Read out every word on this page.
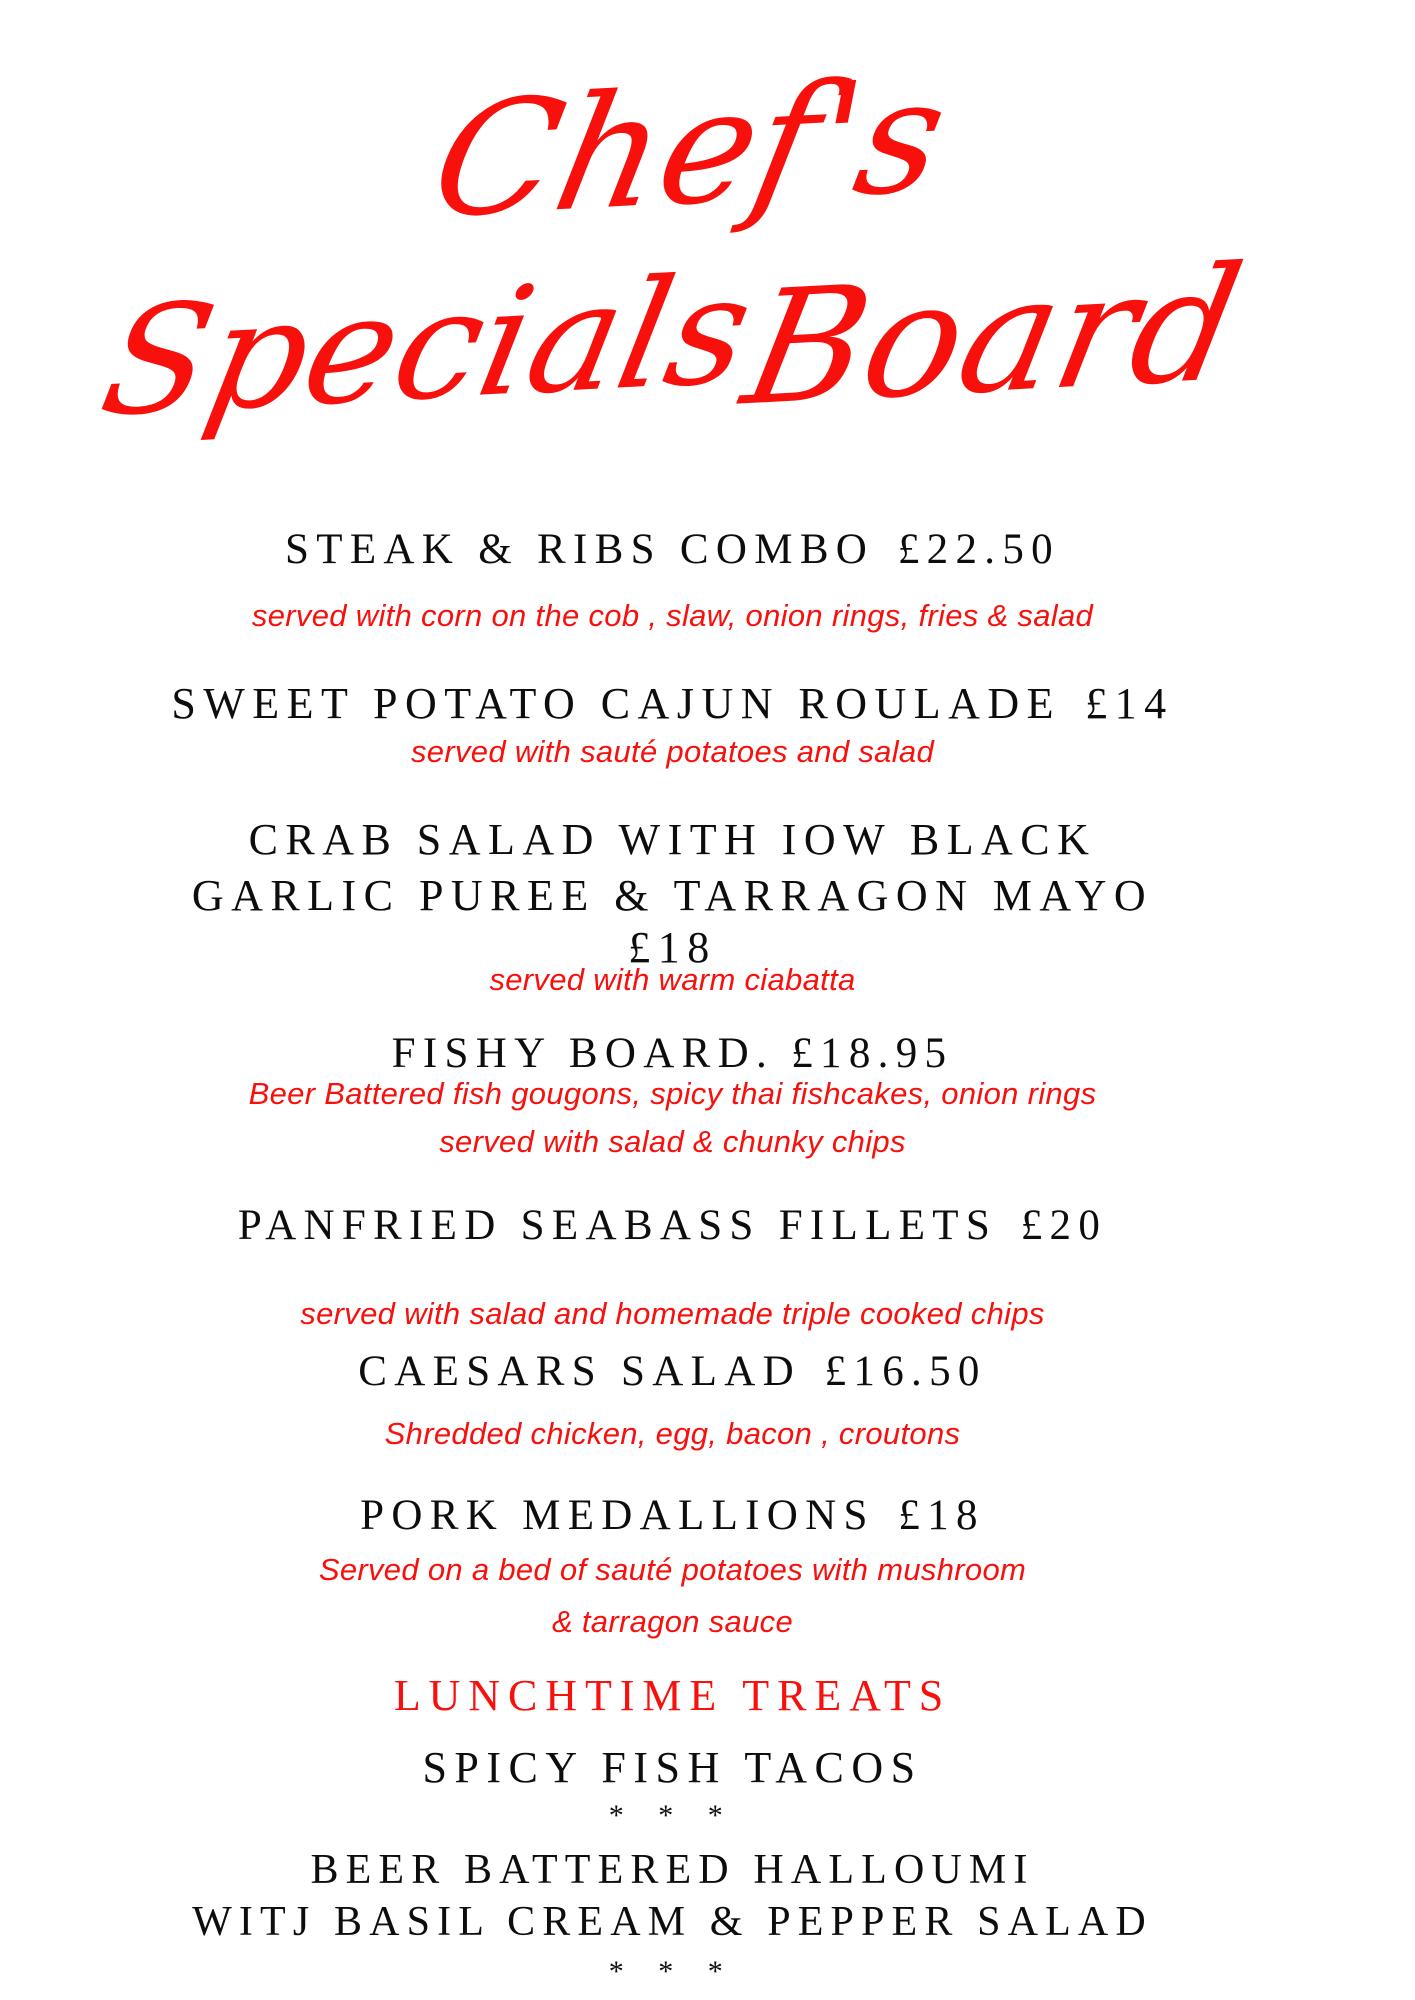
Chef's
Specials
Board
STEAK & RIBS COMBO £22.50
served with corn on the cob , slaw, onion rings, fries & salad
SWEET POTATO CAJUN ROULADE £14
served with sauté potatoes and salad
CRAB SALAD WITH IOW BLACK
GARLIC PUREE & TARRAGON MAYO
£18
served with warm ciabatta
FISHY BOARD. £18.95
Beer Battered fish gougons, spicy thai fishcakes, onion rings
served with salad & chunky chips
PANFRIED SEABASS FILLETS £20
served with salad and homemade triple cooked chips
CAESARS SALAD £16.50
Shredded chicken, egg, bacon , croutons
PORK MEDALLIONS £18
Served on a bed of sauté potatoes with mushroom
& tarragon sauce
LUNCHTIME TREATS
SPICY FISH TACOS
* * *
BEER BATTERED HALLOUMI
WITJ BASIL CREAM & PEPPER SALAD
* * *
